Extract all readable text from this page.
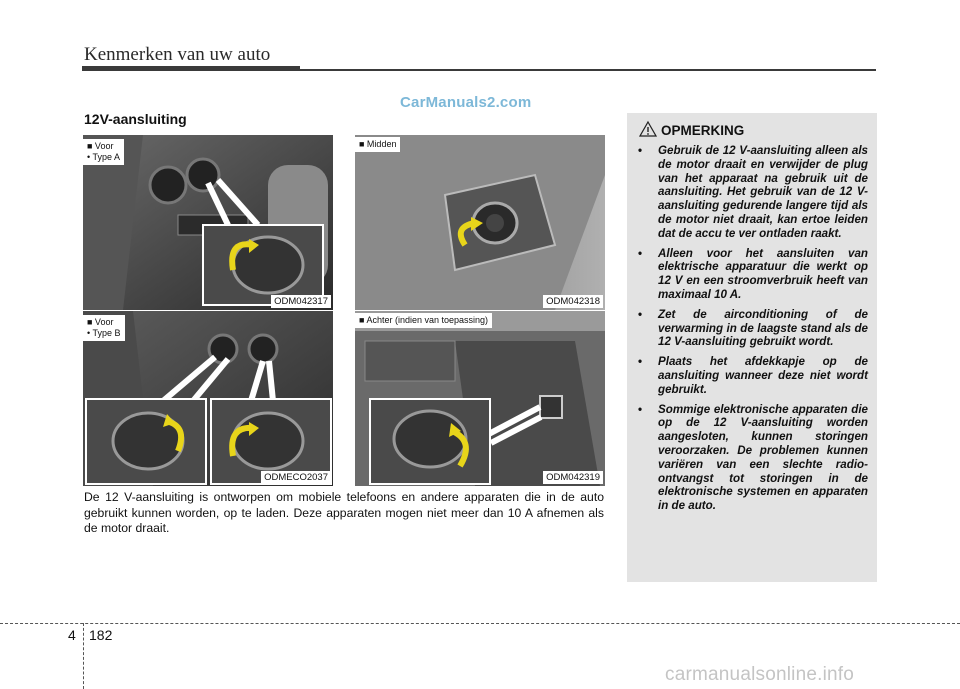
Kenmerken van uw auto
CarManuals2.com
12V-aansluiting
■ Voor
• Type A
ODM042317
■ Voor
• Type B
ODMECO2037
■ Midden
ODM042318
■ Achter (indien van toepassing)
ODM042319
De 12 V-aansluiting is ontworpen om mobiele telefoons en andere apparaten die in de auto gebruikt kunnen worden, op te laden. Deze apparaten mogen niet meer dan 10 A afnemen als de motor draait.
OPMERKING
• Gebruik de 12 V-aansluiting alleen als de motor draait en verwijder de plug van het apparaat na gebruik uit de aansluiting. Het gebruik van de 12 V-aansluiting gedurende langere tijd als de motor niet draait, kan ertoe leiden dat de accu te ver ontladen raakt.
• Alleen voor het aansluiten van elektrische apparatuur die werkt op 12 V en een stroomverbruik heeft van maximaal 10 A.
• Zet de airconditioning of de verwarming in de laagste stand als de 12 V-aansluiting gebruikt wordt.
• Plaats het afdekkapje op de aansluiting wanneer deze niet wordt gebruikt.
• Sommige elektronische apparaten die op de 12 V-aansluiting worden aangesloten, kunnen storingen veroorzaken. De problemen kunnen variëren van een slechte radio-ontvangst tot storingen in de elektronische systemen en apparaten in de auto.
4 182
carmanualsonline.info
